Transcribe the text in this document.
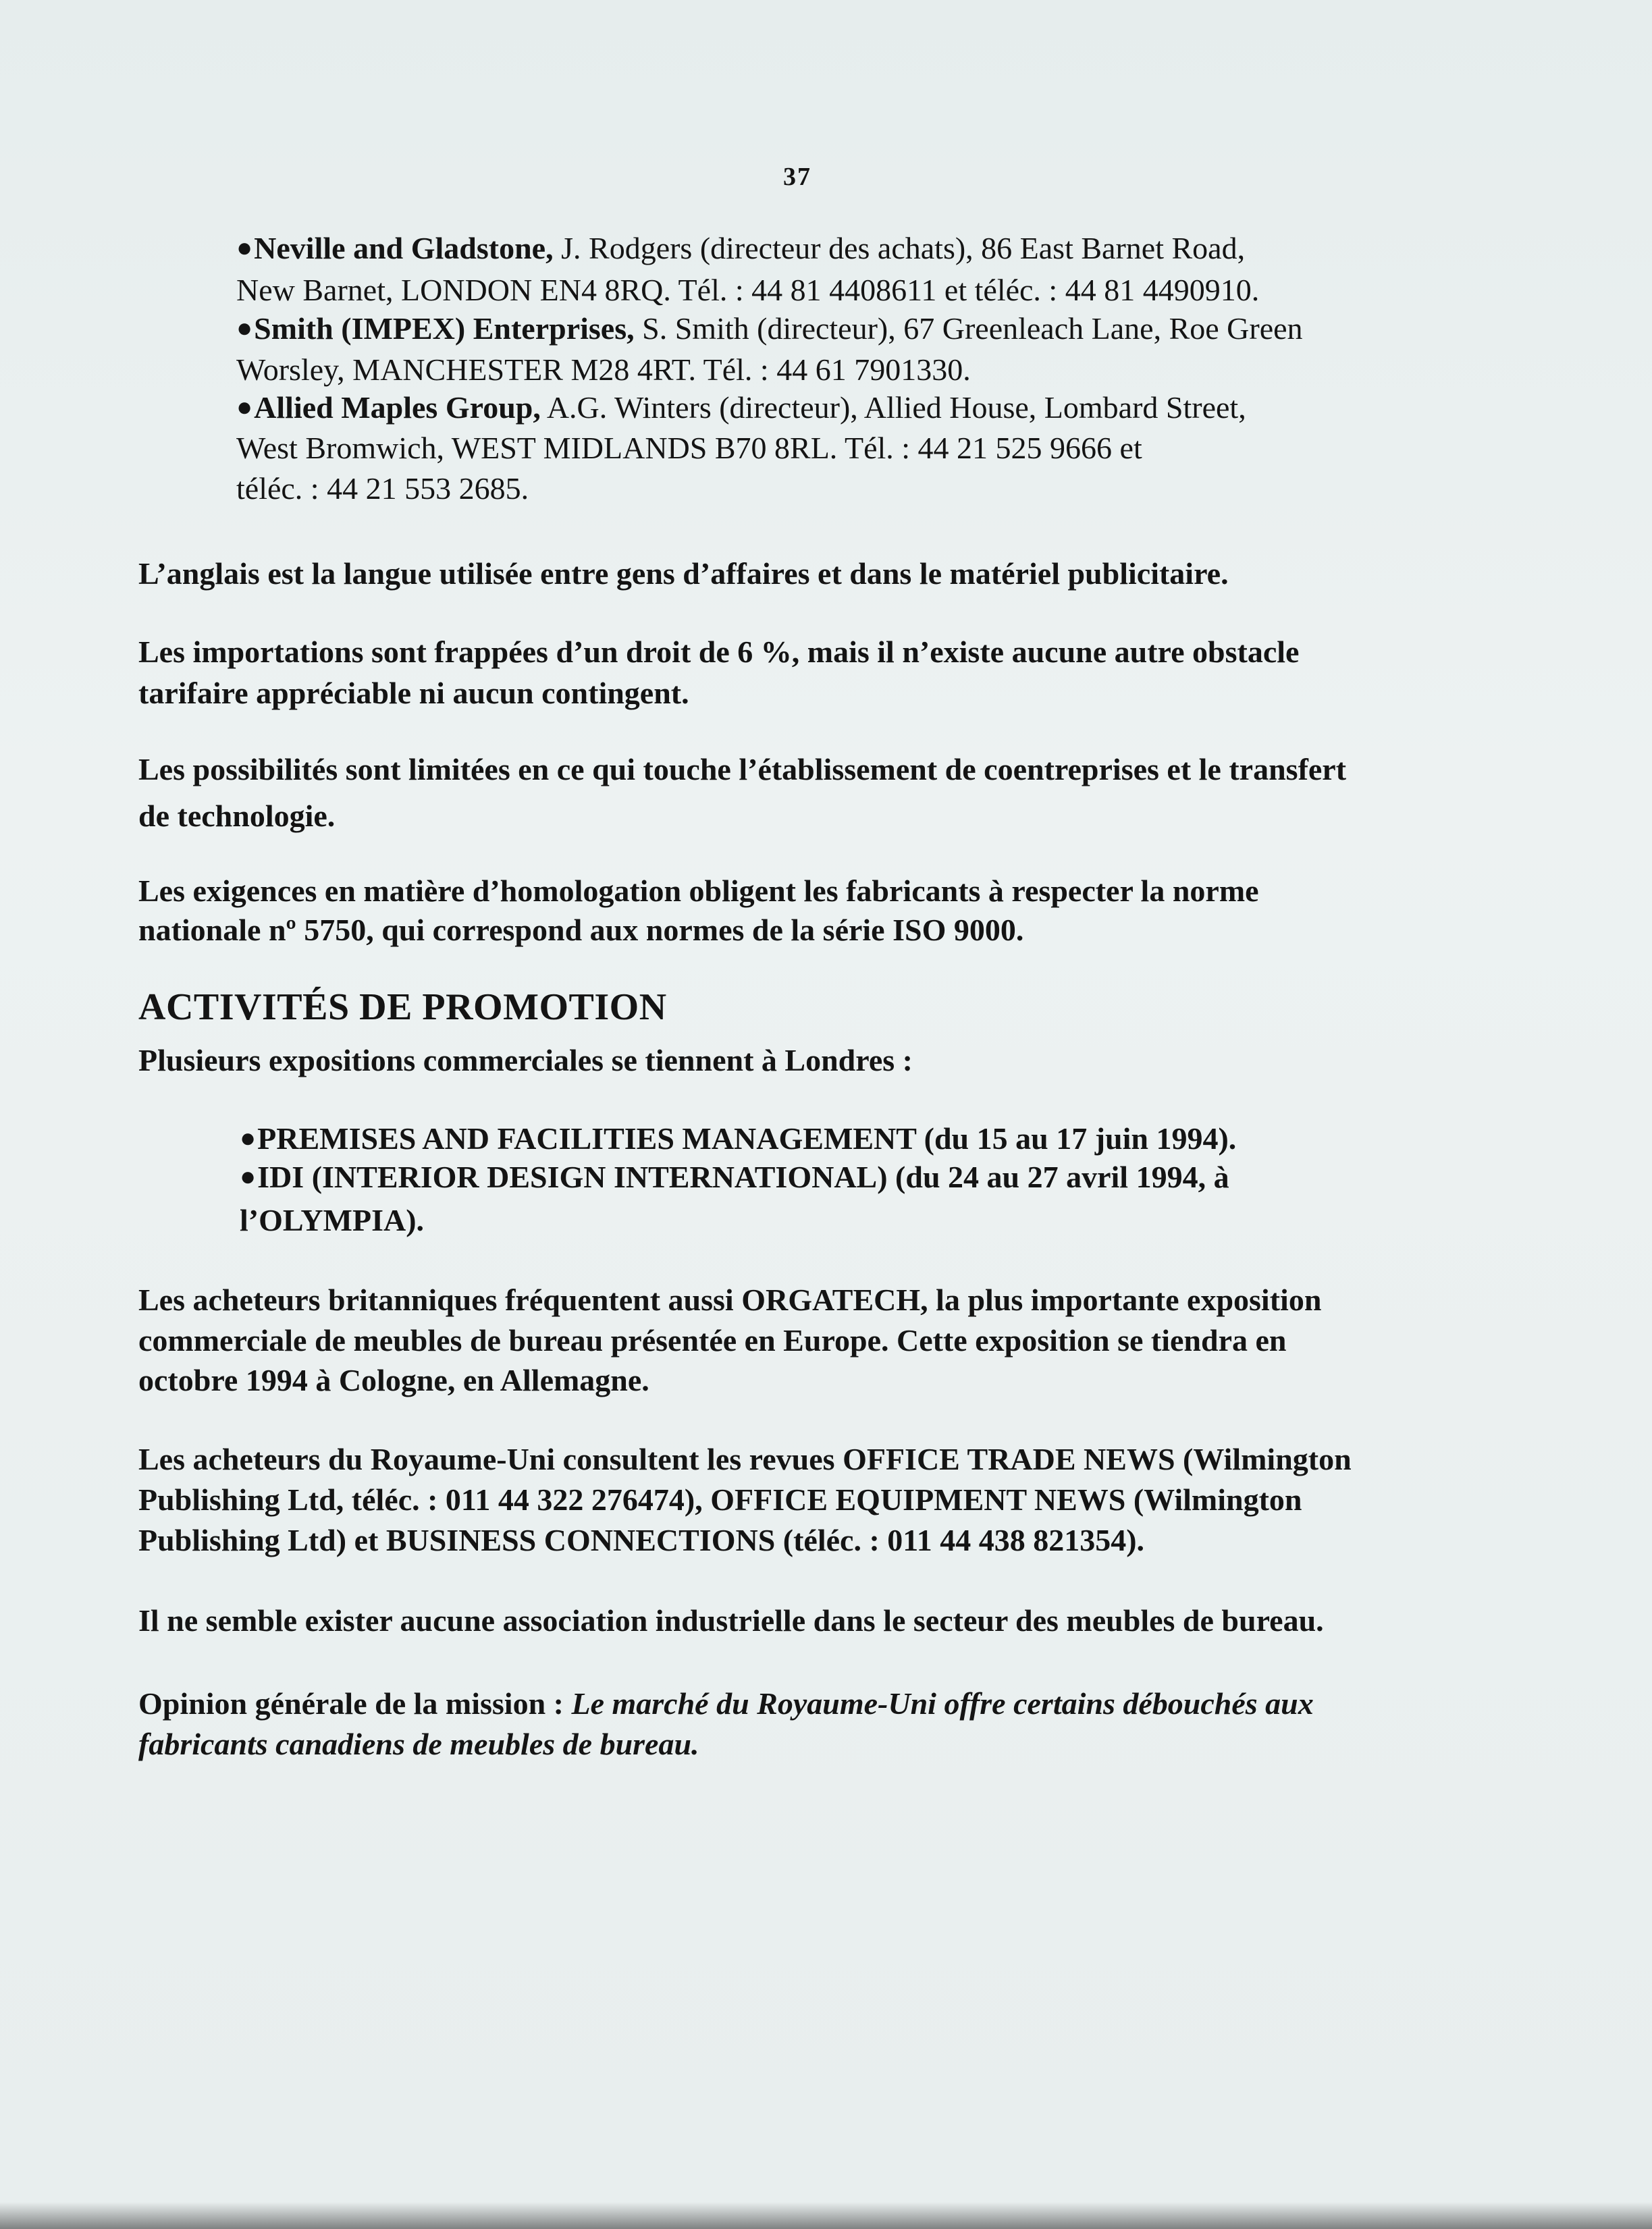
37

●Neville and Gladstone, J. Rodgers (directeur des achats), 86 East Barnet Road,

New Barnet, LONDON EN4 8RQ. Tél. : 44 81 4408611 et téléc. : 44 81 4490910.

●Smith (IMPEX) Enterprises, S. Smith (directeur), 67 Greenleach Lane, Roe Green

Worsley, MANCHESTER M28 4RT. Tél. : 44 61 7901330.

●Allied Maples Group, A.G. Winters (directeur), Allied House, Lombard Street,

West Bromwich, WEST MIDLANDS B70 8RL. Tél. : 44 21 525 9666 et

téléc. : 44 21 553 2685.

L’anglais est la langue utilisée entre gens d’affaires et dans le matériel publicitaire.

Les importations sont frappées d’un droit de 6 %, mais il n’existe aucune autre obstacle

tarifaire appréciable ni aucun contingent.

Les possibilités sont limitées en ce qui touche l’établissement de coentreprises et le transfert

de technologie.

Les exigences en matière d’homologation obligent les fabricants à respecter la norme

nationale nº 5750, qui correspond aux normes de la série ISO 9000.

ACTIVITÉS DE PROMOTION

Plusieurs expositions commerciales se tiennent à Londres :

●PREMISES AND FACILITIES MANAGEMENT (du 15 au 17 juin 1994).

●IDI (INTERIOR DESIGN INTERNATIONAL) (du 24 au 27 avril 1994, à

l’OLYMPIA).

Les acheteurs britanniques fréquentent aussi ORGATECH, la plus importante exposition

commerciale de meubles de bureau présentée en Europe. Cette exposition se tiendra en

octobre 1994 à Cologne, en Allemagne.

Les acheteurs du Royaume-Uni consultent les revues OFFICE TRADE NEWS (Wilmington

Publishing Ltd, téléc. : 011 44 322 276474), OFFICE EQUIPMENT NEWS (Wilmington

Publishing Ltd) et BUSINESS CONNECTIONS (téléc. : 011 44 438 821354).

Il ne semble exister aucune association industrielle dans le secteur des meubles de bureau.

Opinion générale de la mission : Le marché du Royaume-Uni offre certains débouchés aux

fabricants canadiens de meubles de bureau.
